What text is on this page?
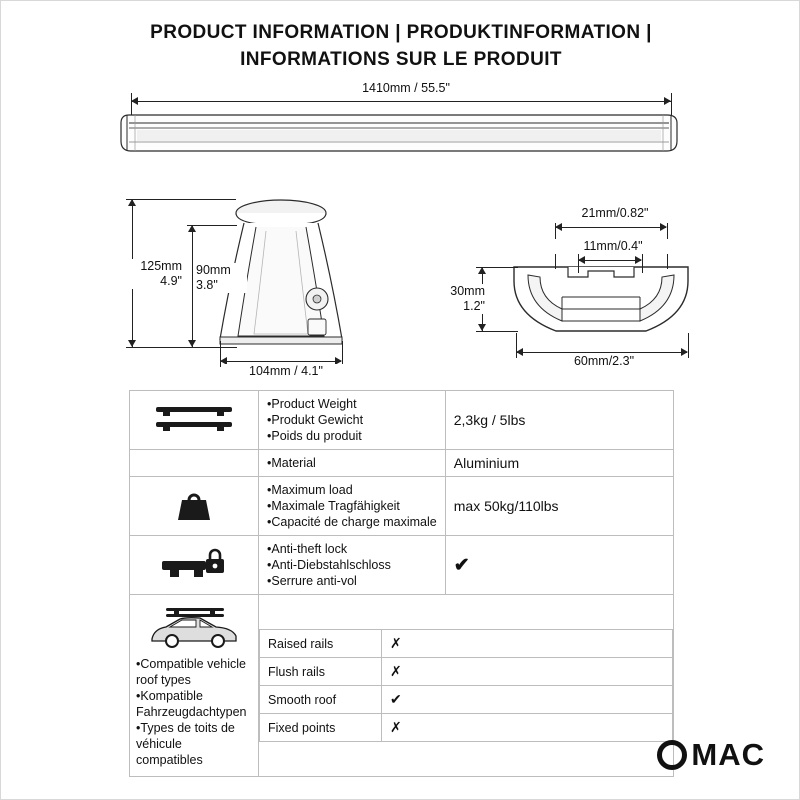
PRODUCT INFORMATION | PRODUKTINFORMATION |
INFORMATIONS SUR LE PRODUIT
1410mm / 55.5"
125mm
4.9"
90mm
3.8"
104mm / 4.1"
21mm/0.82"
11mm/0.4"
30mm
1.2"
60mm/2.3"

•Product Weight
•Produkt Gewicht
•Poids du produit
	2,3kg / 5lbs

•Material	Aluminium

•Maximum load
•Maximale Tragfähigkeit
•Capacité de charge maximale
	max 50kg/110lbs

•Anti-theft lock
•Anti-Diebstahlschloss
•Serrure anti-vol
	✔

•Compatible vehicle roof types
•Kompatible Fahrzeugdachtypen
•Types de toits de véhicule
compatibles

Raised rails	✗
Flush rails	✗
Smooth roof	✔
Fixed points	✗
MAC
